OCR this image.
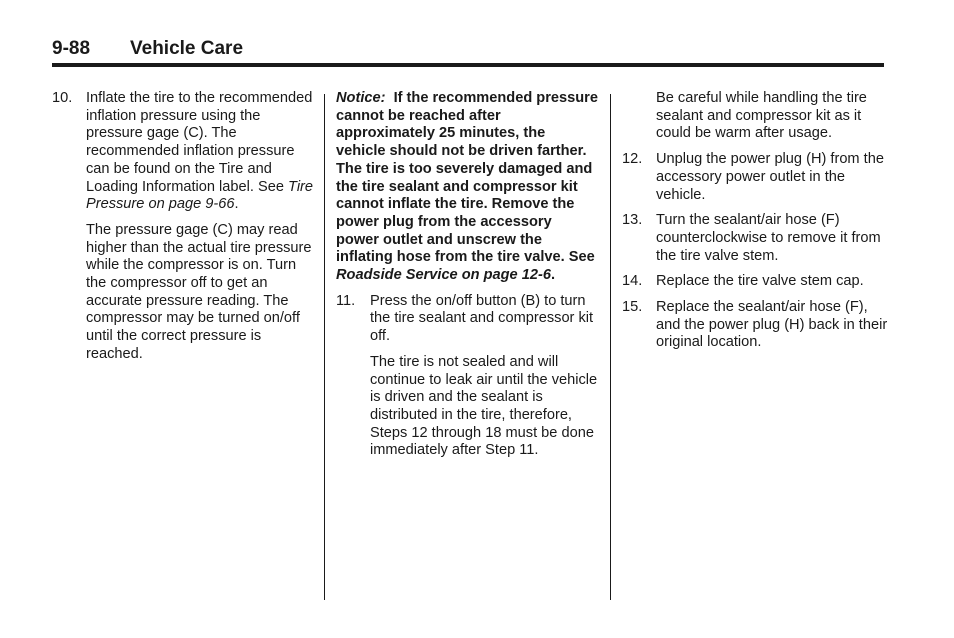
9-88 Vehicle Care
10. Inflate the tire to the recommended inflation pressure using the pressure gage (C). The recommended inflation pressure can be found on the Tire and Loading Information label. See Tire Pressure on page 9-66.

The pressure gage (C) may read higher than the actual tire pressure while the compressor is on. Turn the compressor off to get an accurate pressure reading. The compressor may be turned on/off until the correct pressure is reached.

Notice:  If the recommended pressure cannot be reached after approximately 25 minutes, the vehicle should not be driven farther. The tire is too severely damaged and the tire sealant and compressor kit cannot inflate the tire. Remove the power plug from the accessory power outlet and unscrew the inflating hose from the tire valve. See Roadside Service on page 12-6.

11. Press the on/off button (B) to turn the tire sealant and compressor kit off.

The tire is not sealed and will continue to leak air until the vehicle is driven and the sealant is distributed in the tire, therefore, Steps 12 through 18 must be done immediately after Step 11.

Be careful while handling the tire sealant and compressor kit as it could be warm after usage.

12. Unplug the power plug (H) from the accessory power outlet in the vehicle.

13. Turn the sealant/air hose (F) counterclockwise to remove it from the tire valve stem.

14. Replace the tire valve stem cap.

15. Replace the sealant/air hose (F), and the power plug (H) back in their original location.
